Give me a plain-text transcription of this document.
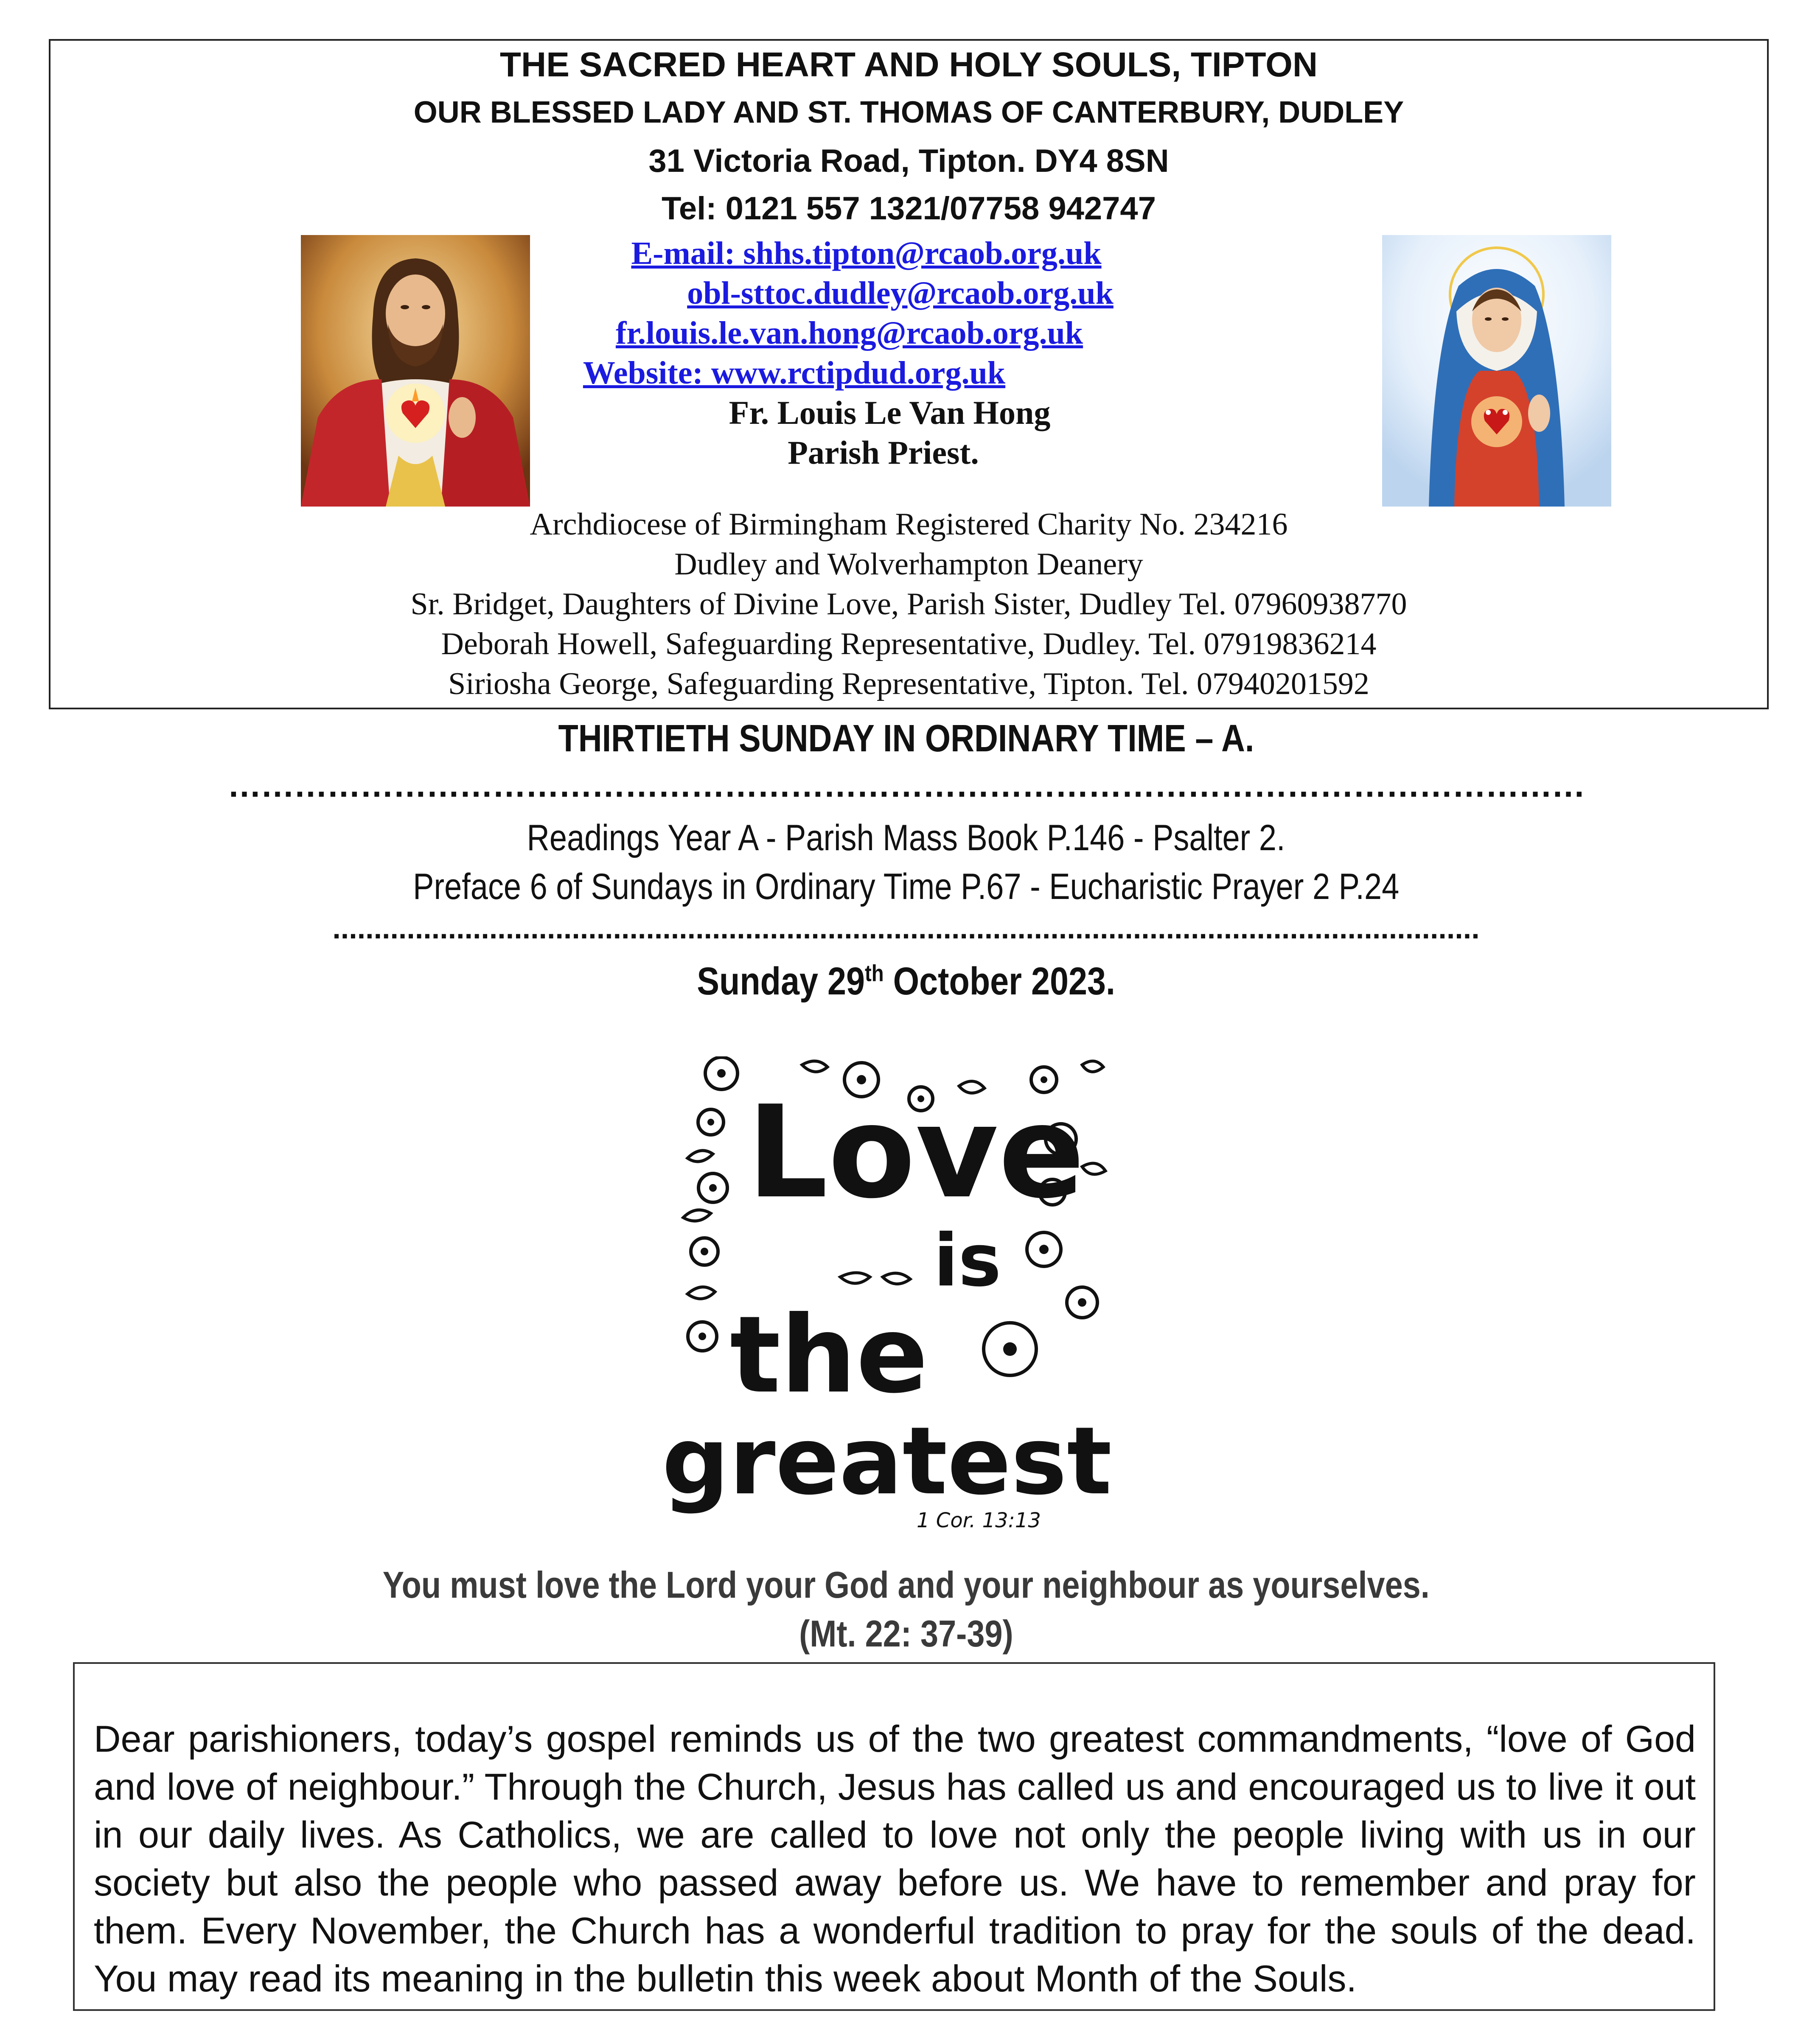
THE SACRED HEART AND HOLY SOULS, TIPTON
OUR BLESSED LADY AND ST. THOMAS OF CANTERBURY, DUDLEY
31 Victoria Road, Tipton. DY4 8SN
Tel: 0121 557 1321/07758 942747
E-mail: shhs.tipton@rcaob.org.uk
obl-sttoc.dudley@rcaob.org.uk
fr.louis.le.van.hong@rcaob.org.uk
Website: www.rctipdud.org.uk
Fr. Louis Le Van Hong
Parish Priest.
Archdiocese of Birmingham Registered Charity No. 234216
Dudley and Wolverhampton Deanery
Sr. Bridget, Daughters of Divine Love, Parish Sister, Dudley Tel. 07960938770
Deborah Howell, Safeguarding Representative, Dudley. Tel. 07919836214
Siriosha George, Safeguarding Representative, Tipton. Tel. 07940201592
THIRTIETH SUNDAY IN ORDINARY TIME – A.
……………………………………………………………………………………………………………
Readings Year A - Parish Mass Book P.146 - Psalter 2.
Preface 6 of Sundays in Ordinary Time P.67 - Eucharistic Prayer 2 P.24
...........................................................................................................................................
Sunday 29th October 2023.
Love
is
the
greatest
1 Cor. 13:13
You must love the Lord your God and your neighbour as yourselves.
(Mt. 22: 37-39)
Dear parishioners, today’s gospel reminds us of the two greatest commandments, “love of God and love of neighbour.” Through the Church, Jesus has called us and encouraged us to live it out in our daily lives. As Catholics, we are called to love not only the people living with us in our society but also the people who passed away before us. We have to remember and pray for them. Every November, the Church has a wonderful tradition to pray for the souls of the dead. You may read its meaning in the bulletin this week about Month of the Souls.
